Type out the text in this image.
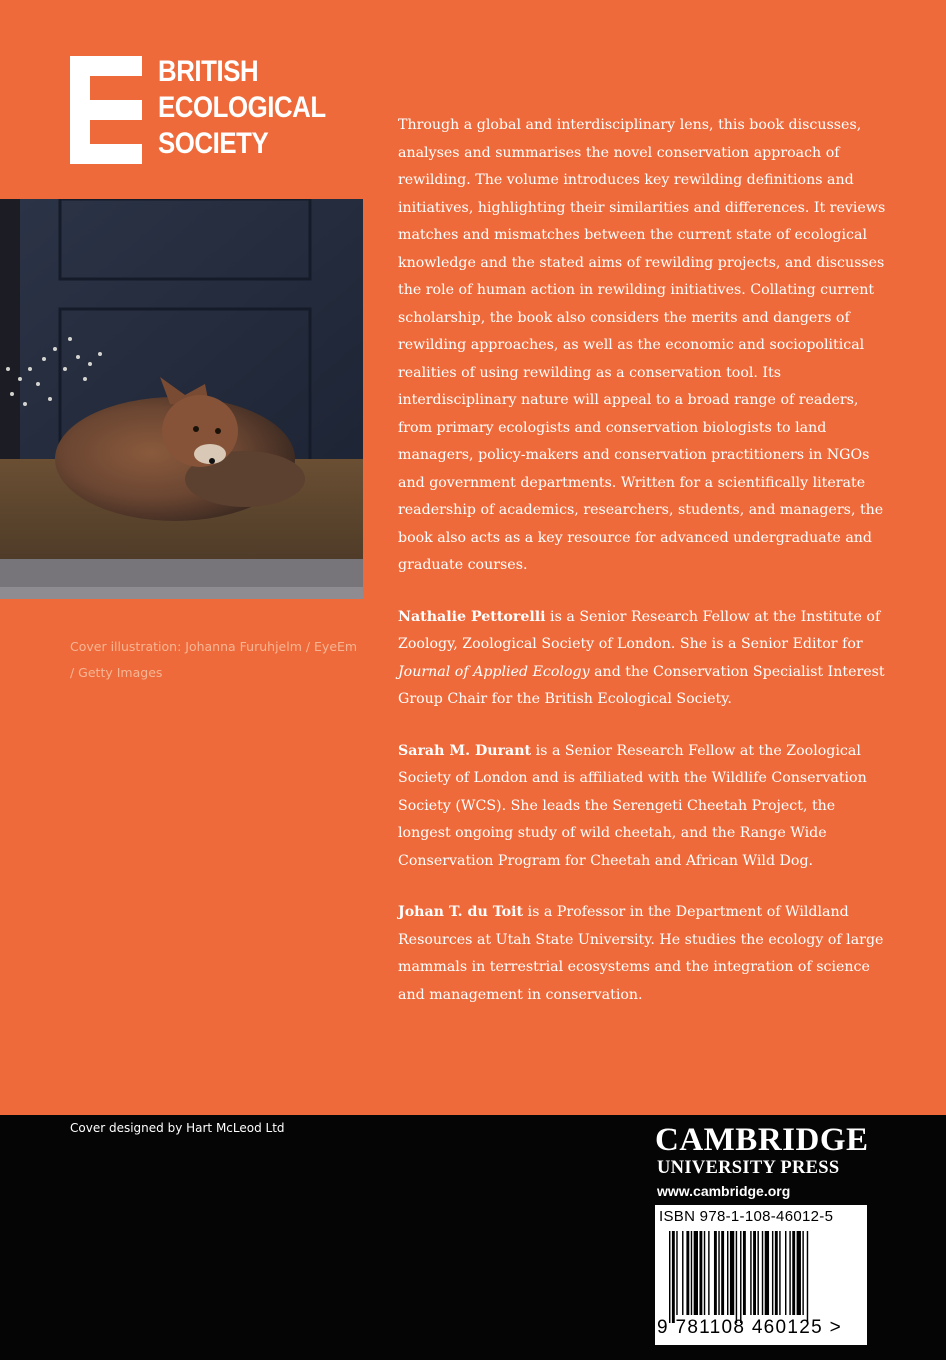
BRITISH
ECOLOGICAL
SOCIETY
Cover illustration: Johanna Furuhjelm / EyeEm / Getty Images

Through a global and interdisciplinary lens, this book discusses, analyses and summarises the novel conservation approach of rewilding. The volume introduces key rewilding definitions and initiatives, highlighting their similarities and differences. It reviews matches and mismatches between the current state of ecological knowledge and the stated aims of rewilding projects, and discusses the role of human action in rewilding initiatives. Collating current scholarship, the book also considers the merits and dangers of rewilding approaches, as well as the economic and sociopolitical realities of using rewilding as a conservation tool. Its interdisciplinary nature will appeal to a broad range of readers, from primary ecologists and conservation biologists to land managers, policy-makers and conservation practitioners in NGOs and government departments. Written for a scientifically literate readership of academics, researchers, students, and managers, the book also acts as a key resource for advanced undergraduate and graduate courses.

Nathalie Pettorelli is a Senior Research Fellow at the Institute of Zoology, Zoological Society of London. She is a Senior Editor for Journal of Applied Ecology and the Conservation Specialist Interest Group Chair for the British Ecological Society.

Sarah M. Durant is a Senior Research Fellow at the Zoological Society of London and is affiliated with the Wildlife Conservation Society (WCS). She leads the Serengeti Cheetah Project, the longest ongoing study of wild cheetah, and the Range Wide Conservation Program for Cheetah and African Wild Dog.

Johan T. du Toit is a Professor in the Department of Wildland Resources at Utah State University. He studies the ecology of large mammals in terrestrial ecosystems and the integration of science and management in conservation.

Cover designed by Hart McLeod Ltd	CAMBRIDGE
UNIVERSITY PRESS
www.cambridge.org
ISBN 978-1-108-46012-5
9 781108 460125 >
